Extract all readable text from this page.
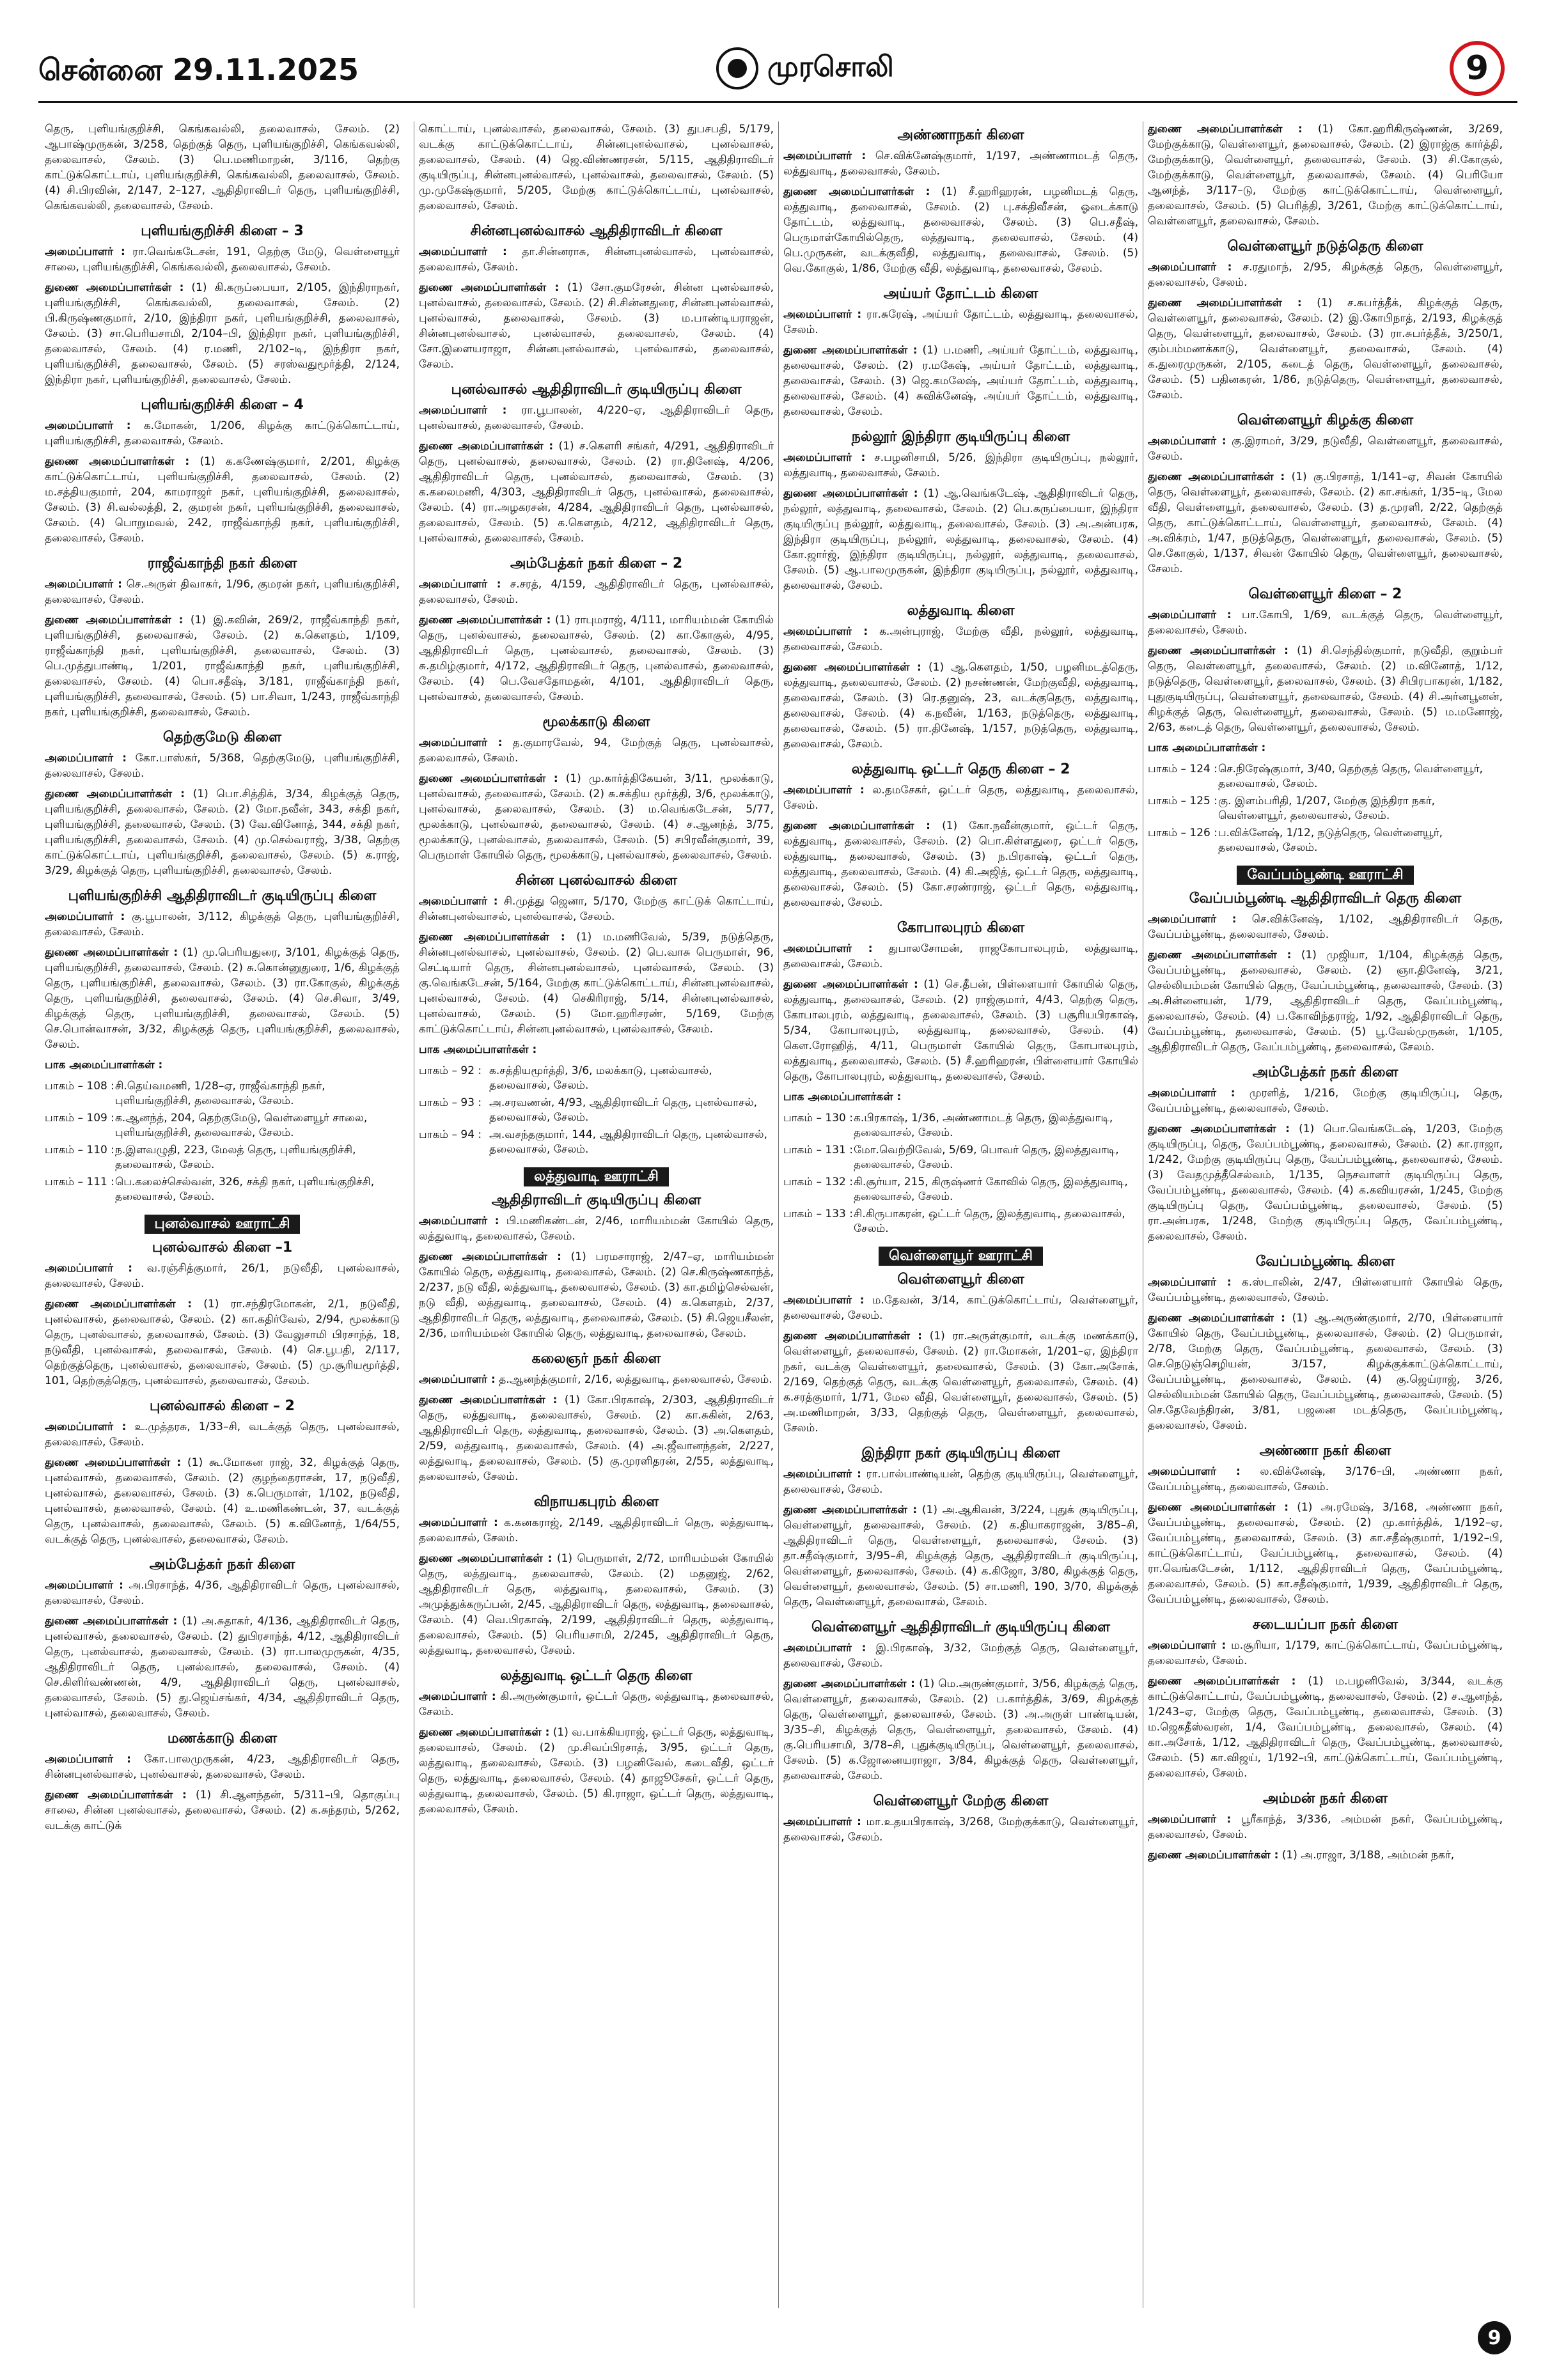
சென்னை 29.11.2025	முரசொலி	9

தெரு, புளியங்குறிச்சி, கெங்கவல்லி, தலைவாசல், சேலம். (2) ஆபாஷ்முருகன், 3/258, தெற்குத் தெரு, புளியங்குறிச்சி, கெங்கவல்லி, தலைவாசல், சேலம். (3) பெ.மணிமாறன், 3/116, தெற்கு காட்டுக்கொட்டாய், புளியங்குறிச்சி, கெங்கவல்லி, தலைவாசல், சேலம். (4) சி.பிரவின், 2/147, 2–127, ஆதிதிராவிடர் தெரு, புளியங்குறிச்சி, கெங்கவல்லி, தலைவாசல், சேலம்.

புளியங்குறிச்சி கிளை – 3

அமைப்பாளர் : ரா.வெங்கடேசன், 191, தெற்கு மேடு, வெள்ளையூர் சாலை, புளியங்குறிச்சி, கெங்கவல்லி, தலைவாசல், சேலம்.

துணை அமைப்பாளர்கள் : (1) கி.கருப்பையா, 2/105, இந்திராநகர், புளியங்குறிச்சி, கெங்கவல்லி, தலைவாசல், சேலம். (2) பி.கிருஷ்ணகுமார், 2/10, இந்திரா நகர், புளியங்குறிச்சி, தலைவாசல், சேலம். (3) சா.பெரியசாமி, 2/104–பி, இந்திரா நகர், புளியங்குறிச்சி, தலைவாசல், சேலம். (4) ர.மணி, 2/102–டி, இந்திரா நகர், புளியங்குறிச்சி, தலைவாசல், சேலம். (5) சரஸ்வதுமூர்த்தி, 2/124, இந்திரா நகர், புளியங்குறிச்சி, தலைவாசல், சேலம்.

புளியங்குறிச்சி கிளை – 4

அமைப்பாளர் : க.மோகன், 1/206, கிழக்கு காட்டுக்கொட்டாய், புளியங்குறிச்சி, தலைவாசல், சேலம்.

துணை அமைப்பாளர்கள் : (1) க.கணேஷ்குமார், 2/201, கிழக்கு காட்டுக்கொட்டாய், புளியங்குறிச்சி, தலைவாசல், சேலம். (2) ம.சத்தியகுமார், 204, காமராஜர் நகர், புளியங்குறிச்சி, தலைவாசல், சேலம். (3) சி.வல்லத்தி, 2, குமரன் நகர், புளியங்குறிச்சி, தலைவாசல், சேலம். (4) பொறுமவல், 242, ராஜீவ்காந்தி நகர், புளியங்குறிச்சி, தலைவாசல், சேலம்.

ராஜீவ்காந்தி நகர் கிளை

அமைப்பாளர் : செ.அருள் திவாகர், 1/96, குமரன் நகர், புளியங்குறிச்சி, தலைவாசல், சேலம்.

துணை அமைப்பாளர்கள் : (1) இ.கவின், 269/2, ராஜீவ்காந்தி நகர், புளியங்குறிச்சி, தலைவாசல், சேலம். (2) க.கௌதம், 1/109, ராஜீவ்காந்தி நகர், புளியங்குறிச்சி, தலைவாசல், சேலம். (3) பெ.முத்துபாண்டி, 1/201, ராஜீவ்காந்தி நகர், புளியங்குறிச்சி, தலைவாசல், சேலம். (4) பொ.சதீஷ், 3/181, ராஜீவ்காந்தி நகர், புளியங்குறிச்சி, தலைவாசல், சேலம். (5) பா.சிவா, 1/243, ராஜீவ்காந்தி நகர், புளியங்குறிச்சி, தலைவாசல், சேலம்.

தெற்குமேடு கிளை

அமைப்பாளர் : கோ.பாஸ்கர், 5/368, தெற்குமேடு, புளியங்குறிச்சி, தலைவாசல், சேலம்.

துணை அமைப்பாளர்கள் : (1) பொ.சித்திக், 3/34, கிழக்குத் தெரு, புளியங்குறிச்சி, தலைவாசல், சேலம். (2) மோ.நவீன், 343, சக்தி நகர், புளியங்குறிச்சி, தலைவாசல், சேலம். (3) வே.வினோத், 344, சக்தி நகர், புளியங்குறிச்சி, தலைவாசல், சேலம். (4) மு.செல்வராஜ், 3/38, தெற்கு காட்டுக்கொட்டாய், புளியங்குறிச்சி, தலைவாசல், சேலம். (5) க.ராஜ், 3/29, கிழக்குத் தெரு, புளியங்குறிச்சி, தலைவாசல், சேலம்.

புளியங்குறிச்சி ஆதிதிராவிடர் குடியிருப்பு கிளை

அமைப்பாளர் : கு.பூபாலன், 3/112, கிழக்குத் தெரு, புளியங்குறிச்சி, தலைவாசல், சேலம்.

துணை அமைப்பாளர்கள் : (1) மு.பெரியதுரை, 3/101, கிழக்குத் தெரு, புளியங்குறிச்சி, தலைவாசல், சேலம். (2) சு.கொன்னுதுரை, 1/6, கிழக்குத் தெரு, புளியங்குறிச்சி, தலைவாசல், சேலம். (3) ரா.கோகுல், கிழக்குத் தெரு, புளியங்குறிச்சி, தலைவாசல், சேலம். (4) செ.சிவா, 3/49, கிழக்குத் தெரு, புளியங்குறிச்சி, தலைவாசல், சேலம். (5) செ.பொன்வாசன், 3/32, கிழக்குத் தெரு, புளியங்குறிச்சி, தலைவாசல், சேலம்.

பாக அமைப்பாளர்கள் :

பாகம் – 108 :	சி.தெய்வமணி, 1/28–ஏ, ராஜீவ்காந்தி நகர், புளியங்குறிச்சி, தலைவாசல், சேலம்.
பாகம் – 109 :	க.ஆனந்த், 204, தெற்குமேடு, வெள்ளையூர் சாலை, புளியங்குறிச்சி, தலைவாசல், சேலம்.
பாகம் – 110 :	ந.இளவழுதி, 223, மேலத் தெரு, புளியங்குறிச்சி, தலைவாசல், சேலம்.
பாகம் – 111 :	பெ.கலைச்செல்வன், 326, சக்தி நகர், புளியங்குறிச்சி, தலைவாசல், சேலம்.
புனல்வாசல் ஊராட்சி
புனல்வாசல் கிளை –1

அமைப்பாளர் : வ.ரஞ்சித்குமார், 26/1, நடுவீதி, புனல்வாசல், தலைவாசல், சேலம்.

துணை அமைப்பாளர்கள் : (1) ரா.சந்திரமோகன், 2/1, நடுவீதி, புனல்வாசல், தலைவாசல், சேலம். (2) கா.கதிர்வேல், 2/94, மூலக்காடு தெரு, புனல்வாசல், தலைவாசல், சேலம். (3) வேலுசாமி பிரசாந்த், 18, நடுவீதி, புனல்வாசல், தலைவாசல், சேலம். (4) செ.பூபதி, 2/117, தெற்குத்தெரு, புனல்வாசல், தலைவாசல், சேலம். (5) மு.சூரியமூர்த்தி, 101, தெற்குத்தெரு, புனல்வாசல், தலைவாசல், சேலம்.

புனல்வாசல் கிளை – 2

அமைப்பாளர் : உ.முத்தரசு, 1/33–சி, வடக்குத் தெரு, புனல்வாசல், தலைவாசல், சேலம்.

துணை அமைப்பாளர்கள் : (1) கூ.மோகன ராஜ், 32, கிழக்குத் தெரு, புனல்வாசல், தலைவாசல், சேலம். (2) குழந்தைராசன், 17, நடுவீதி, புனல்வாசல், தலைவாசல், சேலம். (3) க.பெருமாள், 1/102, நடுவீதி, புனல்வாசல், தலைவாசல், சேலம். (4) உ.மணிகண்டன், 37, வடக்குத் தெரு, புனல்வாசல், தலைவாசல், சேலம். (5) க.வினோத், 1/64/55, வடக்குத் தெரு, புனல்வாசல், தலைவாசல், சேலம்.

அம்பேத்கர் நகர் கிளை

அமைப்பாளர் : அ.பிரசாந்த், 4/36, ஆதிதிராவிடர் தெரு, புனல்வாசல், தலைவாசல், சேலம்.

துணை அமைப்பாளர்கள் : (1) அ.சுதாகர், 4/136, ஆதிதிராவிடர் தெரு, புனல்வாசல், தலைவாசல், சேலம். (2) துபிரசாந்த், 4/12, ஆதிதிராவிடர் தெரு, புனல்வாசல், தலைவாசல், சேலம். (3) ரா.பாலமுருகன், 4/35, ஆதிதிராவிடர் தெரு, புனல்வாசல், தலைவாசல், சேலம். (4) செ.கிளிர்வண்ணன், 4/9, ஆதிதிராவிடர் தெரு, புனல்வாசல், தலைவாசல், சேலம். (5) து.ஜெய்சங்கர், 4/34, ஆதிதிராவிடர் தெரு, புனல்வாசல், தலைவாசல், சேலம்.

மணக்காடு கிளை

அமைப்பாளர் : கோ.பாலமுருகன், 4/23, ஆதிதிராவிடர் தெரு, சின்னபுனல்வாசல், புனல்வாசல், தலைவாசல், சேலம்.

துணை அமைப்பாளர்கள் : (1) சி.ஆனந்தன், 5/311–பி, தொகுப்பு சாலை, சின்ன புனல்வாசல், தலைவாசல், சேலம். (2) க.சுந்தரம், 5/262, வடக்கு காட்டுக்

கொட்டாய், புனல்வாசல், தலைவாசல், சேலம். (3) துபசபதி, 5/179, வடக்கு காட்டுக்கொட்டாய், சின்னபுனல்வாசல், புனல்வாசல், தலைவாசல், சேலம். (4) ஜெ.விண்ணரசன், 5/115, ஆதிதிராவிடர் குடியிருப்பு, சின்னபுனல்வாசல், புனல்வாசல், தலைவாசல், சேலம். (5) மு.முகேஷ்குமார், 5/205, மேற்கு காட்டுக்கொட்டாய், புனல்வாசல், தலைவாசல், சேலம்.

சின்னபுனல்வாசல் ஆதிதிராவிடர் கிளை

அமைப்பாளர் : தா.சின்னராசு, சின்னபுனல்வாசல், புனல்வாசல், தலைவாசல், சேலம்.

துணை அமைப்பாளர்கள் : (1) சோ.குமரேசன், சின்ன புனல்வாசல், புனல்வாசல், தலைவாசல், சேலம். (2) சி.சின்னதுரை, சின்னபுனல்வாசல், புனல்வாசல், தலைவாசல், சேலம். (3) ம.பாண்டியராஜன், சின்னபுனல்வாசல், புனல்வாசல், தலைவாசல், சேலம். (4) சோ.இளையராஜா, சின்னபுனல்வாசல், புனல்வாசல், தலைவாசல், சேலம்.

புனல்வாசல் ஆதிதிராவிடர் குடியிருப்பு கிளை

அமைப்பாளர் : ரா.பூபாலன், 4/220–ஏ, ஆதிதிராவிடர் தெரு, புனல்வாசல், தலைவாசல், சேலம்.

துணை அமைப்பாளர்கள் : (1) ச.கௌரி சங்கர், 4/291, ஆதிதிராவிடர் தெரு, புனல்வாசல், தலைவாசல், சேலம். (2) ரா.தினேஷ், 4/206, ஆதிதிராவிடர் தெரு, புனல்வாசல், தலைவாசல், சேலம். (3) க.கலைமணி, 4/303, ஆதிதிராவிடர் தெரு, புனல்வாசல், தலைவாசல், சேலம். (4) ரா.அழகரசன், 4/284, ஆதிதிராவிடர் தெரு, புனல்வாசல், தலைவாசல், சேலம். (5) க.கௌதம், 4/212, ஆதிதிராவிடர் தெரு, புனல்வாசல், தலைவாசல், சேலம்.

அம்பேத்கர் நகர் கிளை – 2

அமைப்பாளர் : ச.சரத், 4/159, ஆதிதிராவிடர் தெரு, புனல்வாசல், தலைவாசல், சேலம்.

துணை அமைப்பாளர்கள் : (1) ராபுமராஜ், 4/111, மாரியம்மன் கோயில் தெரு, புனல்வாசல், தலைவாசல், சேலம். (2) கா.கோகுல், 4/95, ஆதிதிராவிடர் தெரு, புனல்வாசல், தலைவாசல், சேலம். (3) சு.தமிழ்குமார், 4/172, ஆதிதிராவிடர் தெரு, புனல்வாசல், தலைவாசல், சேலம். (4) பெ.வேசதோமதன், 4/101, ஆதிதிராவிடர் தெரு, புனல்வாசல், தலைவாசல், சேலம்.

மூலக்காடு கிளை

அமைப்பாளர் : த.குமாரவேல், 94, மேற்குத் தெரு, புனல்வாசல், தலைவாசல், சேலம்.

துணை அமைப்பாளர்கள் : (1) மு.கார்த்திகேயன், 3/11, மூலக்காடு, புனல்வாசல், தலைவாசல், சேலம். (2) சு.சக்திய மூர்த்தி, 3/6, மூலக்காடு, புனல்வாசல், தலைவாசல், சேலம். (3) ம.வெங்கடேசன், 5/77, மூலக்காடு, புனல்வாசல், தலைவாசல், சேலம். (4) ச.ஆனந்த், 3/75, மூலக்காடு, புனல்வாசல், தலைவாசல், சேலம். (5) சபிரவீன்குமார், 39, பெருமாள் கோயில் தெரு, மூலக்காடு, புனல்வாசல், தலைவாசல், சேலம்.

சின்ன புனல்வாசல் கிளை

அமைப்பாளர் : சி.முத்து ஜெனா, 5/170, மேற்கு காட்டுக் கொட்டாய், சின்னபுனல்வாசல், புனல்வாசல், சேலம்.

துணை அமைப்பாளர்கள் : (1) ம.மணிவேல், 5/39, நடுத்தெரு, சின்னபுனல்வாசல், புனல்வாசல், சேலம். (2) பெ.வாசு பெருமாள், 96, செட்டியார் தெரு, சின்னபுனல்வாசல், புனல்வாசல், சேலம். (3) கு.வெங்கடேசன், 5/164, மேற்கு காட்டுக்கொட்டாய், சின்னபுனல்வாசல், புனல்வாசல், சேலம். (4) செகிரிராஜ், 5/14, சின்னபுனல்வாசல், புனல்வாசல், சேலம். (5) மோ.ஹரிசரண், 5/169, மேற்கு காட்டுக்கொட்டாய், சின்னபுனல்வாசல், புனல்வாசல், சேலம்.

பாக அமைப்பாளர்கள் :

பாகம் – 92 :	க.சத்தியமூர்த்தி, 3/6, மலக்காடு, புனல்வாசல், தலைவாசல், சேலம்.
பாகம் – 93 :	அ.சரவணன், 4/93, ஆதிதிராவிடர் தெரு, புனல்வாசல், தலைவாசல், சேலம்.
பாகம் – 94 :	அ.வசந்தகுமார், 144, ஆதிதிராவிடர் தெரு, புனல்வாசல், தலைவாசல், சேலம்.
லத்துவாடி ஊராட்சி
ஆதிதிராவிடர் குடியிருப்பு கிளை

அமைப்பாளர் : பி.மணிகண்டன், 2/46, மாரியம்மன் கோயில் தெரு, லத்துவாடி, தலைவாசல், சேலம்.

துணை அமைப்பாளர்கள் : (1) பரமசாராஜ், 2/47–ஏ, மாரியம்மன் கோயில் தெரு, லத்துவாடி, தலைவாசல், சேலம். (2) செ.கிருஷ்ணகாந்த், 2/237, நடு வீதி, லத்துவாடி, தலைவாசல், சேலம். (3) கா.தமிழ்செல்வன், நடு வீதி, லத்துவாடி, தலைவாசல், சேலம். (4) க.கௌதம், 2/37, ஆதிதிராவிடர் தெரு, லத்துவாடி, தலைவாசல், சேலம். (5) சி.ஜெயசீலன், 2/36, மாரியம்மன் கோயில் தெரு, லத்துவாடி, தலைவாசல், சேலம்.

கலைஞர் நகர் கிளை

அமைப்பாளர் : த.ஆனந்த்குமார், 2/16, லத்துவாடி, தலைவாசல், சேலம்.

துணை அமைப்பாளர்கள் : (1) கோ.பிரகாஷ், 2/303, ஆதிதிராவிடர் தெரு, லத்துவாடி, தலைவாசல், சேலம். (2) கா.சுகின், 2/63, ஆதிதிராவிடர் தெரு, லத்துவாடி, தலைவாசல், சேலம். (3) அ.கௌதம், 2/59, லத்துவாடி, தலைவாசல், சேலம். (4) அ.ஜீவானந்தன், 2/227, லத்துவாடி, தலைவாசல், சேலம். (5) கு.முரளிதரன், 2/55, லத்துவாடி, தலைவாசல், சேலம்.

விநாயகபுரம் கிளை

அமைப்பாளர் : க.கனகராஜ், 2/149, ஆதிதிராவிடர் தெரு, லத்துவாடி, தலைவாசல், சேலம்.

துணை அமைப்பாளர்கள் : (1) பெருமாள், 2/72, மாரியம்மன் கோயில் தெரு, லத்துவாடி, தலைவாசல், சேலம். (2) மதனுஜ், 2/62, ஆதிதிராவிடர் தெரு, லத்துவாடி, தலைவாசல், சேலம். (3) அமுத்துக்கருப்பன், 2/45, ஆதிதிராவிடர் தெரு, லத்துவாடி, தலைவாசல், சேலம். (4) வெ.பிரகாஷ், 2/199, ஆதிதிராவிடர் தெரு, லத்துவாடி, தலைவாசல், சேலம். (5) பெரியசாமி, 2/245, ஆதிதிராவிடர் தெரு, லத்துவாடி, தலைவாசல், சேலம்.

லத்துவாடி ஒட்டர் தெரு கிளை

அமைப்பாளர் : கி.அருண்குமார், ஒட்டர் தெரு, லத்துவாடி, தலைவாசல், சேலம்.

துணை அமைப்பாளர்கள் : (1) வ.பாக்கியராஜ், ஒட்டர் தெரு, லத்துவாடி, தலைவாசல், சேலம். (2) மு.சிவப்பிரசாத், 3/95, ஒட்டர் தெரு, லத்துவாடி, தலைவாசல், சேலம். (3) பழனிவேல், கடைவீதி, ஒட்டர் தெரு, லத்துவாடி, தலைவாசல், சேலம். (4) தாஜூசேகர், ஒட்டர் தெரு, லத்துவாடி, தலைவாசல், சேலம். (5) கி.ராஜா, ஒட்டர் தெரு, லத்துவாடி, தலைவாசல், சேலம்.

அண்ணாநகர் கிளை

அமைப்பாளர் : செ.விக்னேஷ்குமார், 1/197, அண்ணாமடத் தெரு, லத்துவாடி, தலைவாசல், சேலம்.

துணை அமைப்பாளர்கள் : (1) சீ.ஹரிஹரன், பழனிமடத் தெரு, லத்துவாடி, தலைவாசல், சேலம். (2) பு.சக்திவீசன், ஓடைக்காடு தோட்டம், லத்துவாடி, தலைவாசல், சேலம். (3) பெ.சதீஷ், பெருமாள்கோயில்தெரு, லத்துவாடி, தலைவாசல், சேலம். (4) பெ.முருகன், வடக்குவீதி, லத்துவாடி, தலைவாசல், சேலம். (5) வெ.கோகுல், 1/86, மேற்கு வீதி, லத்துவாடி, தலைவாசல், சேலம்.

அய்யர் தோட்டம் கிளை

அமைப்பாளர் : ரா.சுரேஷ், அய்யர் தோட்டம், லத்துவாடி, தலைவாசல், சேலம்.

துணை அமைப்பாளர்கள் : (1) ப.மணி, அய்யர் தோட்டம், லத்துவாடி, தலைவாசல், சேலம். (2) ர.மகேஷ், அய்யர் தோட்டம், லத்துவாடி, தலைவாசல், சேலம். (3) ஜெ.கமலேஷ், அய்யர் தோட்டம், லத்துவாடி, தலைவாசல், சேலம். (4) சுவிக்னேஷ், அய்யர் தோட்டம், லத்துவாடி, தலைவாசல், சேலம்.

நல்லூர் இந்திரா குடியிருப்பு கிளை

அமைப்பாளர் : ச.பழனிசாமி, 5/26, இந்திரா குடியிருப்பு, நல்லூர், லத்துவாடி, தலைவாசல், சேலம்.

துணை அமைப்பாளர்கள் : (1) ஆ.வெங்கடேஷ், ஆதிதிராவிடர் தெரு, நல்லூர், லத்துவாடி, தலைவாசல், சேலம். (2) பெ.கருப்பையா, இந்திரா குடியிருப்பு நல்லூர், லத்துவாடி, தலைவாசல், சேலம். (3) அ.அன்பரசு, இந்திரா குடியிருப்பு, நல்லூர், லத்துவாடி, தலைவாசல், சேலம். (4) கோ.ஜார்ஜ், இந்திரா குடியிருப்பு, நல்லூர், லத்துவாடி, தலைவாசல், சேலம். (5) ஆ.பாலமுருகன், இந்திரா குடியிருப்பு, நல்லூர், லத்துவாடி, தலைவாசல், சேலம்.

லத்துவாடி கிளை

அமைப்பாளர் : க.அன்புராஜ், மேற்கு வீதி, நல்லூர், லத்துவாடி, தலைவாசல், சேலம்.

துணை அமைப்பாளர்கள் : (1) ஆ.கௌதம், 1/50, பழனிமடத்தெரு, லத்துவாடி, தலைவாசல், சேலம். (2) நசண்ணன், மேற்குவீதி, லத்துவாடி, தலைவாசல், சேலம். (3) ரெ.தனுஷ், 23, வடக்குதெரு, லத்துவாடி, தலைவாசல், சேலம். (4) க.நவீன், 1/163, நடுத்தெரு, லத்துவாடி, தலைவாசல், சேலம். (5) ரா.தினேஷ், 1/157, நடுத்தெரு, லத்துவாடி, தலைவாசல், சேலம்.

லத்துவாடி ஒட்டர் தெரு கிளை – 2

அமைப்பாளர் : ல.தமசேகர், ஒட்டர் தெரு, லத்துவாடி, தலைவாசல், சேலம்.

துணை அமைப்பாளர்கள் : (1) கோ.நவீன்குமார், ஒட்டர் தெரு, லத்துவாடி, தலைவாசல், சேலம். (2) பொ.கிள்ளதுரை, ஒட்டர் தெரு, லத்துவாடி, தலைவாசல், சேலம். (3) ந.பிரகாஷ், ஒட்டர் தெரு, லத்துவாடி, தலைவாசல், சேலம். (4) கி.அஜித், ஒட்டர் தெரு, லத்துவாடி, தலைவாசல், சேலம். (5) கோ.சரண்ராஜ், ஒட்டர் தெரு, லத்துவாடி, தலைவாசல், சேலம்.

கோபாலபுரம் கிளை

அமைப்பாளர் : துபாலசோமன், ராஜகோபாலபுரம், லத்துவாடி, தலைவாசல், சேலம்.

துணை அமைப்பாளர்கள் : (1) செ.தீபன், பிள்ளையார் கோயில் தெரு, லத்துவாடி, தலைவாசல், சேலம். (2) ராஜ்குமார், 4/43, தெற்கு தெரு, கோபாலபுரம், லத்துவாடி, தலைவாசல், சேலம். (3) பசூரியபிரகாஷ், 5/34, கோபாலபுரம், லத்துவாடி, தலைவாசல், சேலம். (4) கௌ.ரோஹித், 4/11, பெருமாள் கோயில் தெரு, கோபாலபுரம், லத்துவாடி, தலைவாசல், சேலம். (5) சீ.ஹரிஹரன், பிள்ளையார் கோயில் தெரு, கோபாலபுரம், லத்துவாடி, தலைவாசல், சேலம்.

பாக அமைப்பாளர்கள் :

பாகம் – 130 :	க.பிரகாஷ், 1/36, அண்ணாமடத் தெரு, இலத்துவாடி, தலைவாசல், சேலம்.
பாகம் – 131 :	மோ.வெற்றிவேல், 5/69, பொவர் தெரு, இலத்துவாடி, தலைவாசல், சேலம்.
பாகம் – 132 :	கி.சூர்யா, 215, கிருஷ்ணர் கோவில் தெரு, இலத்துவாடி, தலைவாசல், சேலம்.
பாகம் – 133 :	சி.கிருபாகரன், ஒட்டர் தெரு, இலத்துவாடி, தலைவாசல், சேலம்.
வெள்ளையூர் ஊராட்சி
வெள்ளையூர் கிளை

அமைப்பாளர் : ம.தேவன், 3/14, காட்டுக்கொட்டாய், வெள்ளையூர், தலைவாசல், சேலம்.

துணை அமைப்பாளர்கள் : (1) ரா.அருள்குமார், வடக்கு மணக்காடு, வெள்ளையூர், தலைவாசல், சேலம். (2) ரா.மோகன், 1/201–ஏ, இந்திரா நகர், வடக்கு வெள்ளையூர், தலைவாசல், சேலம். (3) கோ.அசோக், 2/169, தெற்குத் தெரு, வடக்கு வெள்ளையூர், தலைவாசல், சேலம். (4) க.சரத்குமார், 1/71, மேல வீதி, வெள்ளையூர், தலைவாசல், சேலம். (5) அ.மணிமாறன், 3/33, தெற்குத் தெரு, வெள்ளையூர், தலைவாசல், சேலம்.

இந்திரா நகர் குடியிருப்பு கிளை

அமைப்பாளர் : ரா.பால்பாண்டியன், தெற்கு குடியிருப்பு, வெள்ளையூர், தலைவாசல், சேலம்.

துணை அமைப்பாளர்கள் : (1) அ.ஆகிவன், 3/224, புதுக் குடியிருப்பு, வெள்ளையூர், தலைவாசல், சேலம். (2) க.தியாகராஜன், 3/85–சி, ஆதிதிராவிடர் தெரு, வெள்ளையூர், தலைவாசல், சேலம். (3) தா.சதீஷ்குமார், 3/95–சி, கிழக்குத் தெரு, ஆதிதிராவிடர் குடியிருப்பு, வெள்ளையூர், தலைவாசல், சேலம். (4) க.கிஜோ, 3/80, கிழக்குத் தெரு, வெள்ளையூர், தலைவாசல், சேலம். (5) சா.மணி, 190, 3/70, கிழக்குத் தெரு, வெள்ளையூர், தலைவாசல், சேலம்.

வெள்ளையூர் ஆதிதிராவிடர் குடியிருப்பு கிளை

அமைப்பாளர் : இ.பிரகாஷ், 3/32, மேற்குத் தெரு, வெள்ளையூர், தலைவாசல், சேலம்.

துணை அமைப்பாளர்கள் : (1) மெ.அருண்குமார், 3/56, கிழக்குத் தெரு, வெள்ளையூர், தலைவாசல், சேலம். (2) ப.கார்த்திக், 3/69, கிழக்குத் தெரு, வெள்ளையூர், தலைவாசல், சேலம். (3) அ.அருள் பாண்டியன், 3/35–சி, கிழக்குத் தெரு, வெள்ளையூர், தலைவாசல், சேலம். (4) கு.பெரியசாமி, 3/78–சி, புதுக்குடியிருப்பு, வெள்ளையூர், தலைவாசல், சேலம். (5) க.ஜோனையராஜா, 3/84, கிழக்குத் தெரு, வெள்ளையூர், தலைவாசல், சேலம்.

வெள்ளையூர் மேற்கு கிளை

அமைப்பாளர் : மா.உதயபிரகாஷ், 3/268, மேற்குக்காடு, வெள்ளையூர், தலைவாசல், சேலம்.

துணை அமைப்பாளர்கள் : (1) கோ.ஹரிகிருஷ்ணன், 3/269, மேற்குக்காடு, வெள்ளையூர், தலைவாசல், சேலம். (2) இராஜ்கு கார்த்தி, மேற்குக்காடு, வெள்ளையூர், தலைவாசல், சேலம். (3) சி.கோகுல், மேற்குக்காடு, வெள்ளையூர், தலைவாசல், சேலம். (4) பெரியோ ஆனந்த், 3/117–டு, மேற்கு காட்டுக்கொட்டாய், வெள்ளையூர், தலைவாசல், சேலம். (5) பெரித்தி, 3/261, மேற்கு காட்டுக்கொட்டாய், வெள்ளையூர், தலைவாசல், சேலம்.

வெள்ளையூர் நடுத்தெரு கிளை

அமைப்பாளர் : ச.ரதுமாந், 2/95, கிழக்குத் தெரு, வெள்ளையூர், தலைவாசல், சேலம்.

துணை அமைப்பாளர்கள் : (1) ச.சுபர்த்தீக், கிழக்குத் தெரு, வெள்ளையூர், தலைவாசல், சேலம். (2) இ.கோபிநாத், 2/193, கிழக்குத் தெரு, வெள்ளையூர், தலைவாசல், சேலம். (3) ரா.சுபர்த்தீக், 3/250/1, கும்பம்மணக்காடு, வெள்ளையூர், தலைவாசல், சேலம். (4) க.துரைமுருகன், 2/105, கடைத் தெரு, வெள்ளையூர், தலைவாசல், சேலம். (5) பதினகரன், 1/86, நடுத்தெரு, வெள்ளையூர், தலைவாசல், சேலம்.

வெள்ளையூர் கிழக்கு கிளை

அமைப்பாளர் : கு.இராமர், 3/29, நடுவீதி, வெள்ளையூர், தலைவாசல், சேலம்.

துணை அமைப்பாளர்கள் : (1) கு.பிரசாத், 1/141–ஏ, சிவன் கோயில் தெரு, வெள்ளையூர், தலைவாசல், சேலம். (2) கா.சங்கர், 1/35–டி, மேல வீதி, வெள்ளையூர், தலைவாசல், சேலம். (3) த.முரளி, 2/22, தெற்குத் தெரு, காட்டுக்கொட்டாய், வெள்ளையூர், தலைவாசல், சேலம். (4) அ.விக்ரம், 1/47, நடுத்தெரு, வெள்ளையூர், தலைவாசல், சேலம். (5) செ.கோகுல், 1/137, சிவன் கோயில் தெரு, வெள்ளையூர், தலைவாசல், சேலம்.

வெள்ளையூர் கிளை – 2

அமைப்பாளர் : பா.கோபி, 1/69, வடக்குத் தெரு, வெள்ளையூர், தலைவாசல், சேலம்.

துணை அமைப்பாளர்கள் : (1) சி.செந்தில்குமார், நடுவீதி, குறும்பர் தெரு, வெள்ளையூர், தலைவாசல், சேலம். (2) ம.வினோத், 1/12, நடுத்தெரு, வெள்ளையூர், தலைவாசல், சேலம். (3) சிபிரபாகரன், 1/182, புதுகுடியிருப்பு, வெள்ளையூர், தலைவாசல், சேலம். (4) சி.அர்னபூனன், கிழக்குத் தெரு, வெள்ளையூர், தலைவாசல், சேலம். (5) ம.மனோஜ், 2/63, கடைத் தெரு, வெள்ளையூர், தலைவாசல், சேலம்.

பாக அமைப்பாளர்கள் :

பாகம் – 124 :	செ.நிரேஷ்குமார், 3/40, தெற்குத் தெரு, வெள்ளையூர், தலைவாசல், சேலம்.
பாகம் – 125 :	கு. இளம்பரிதி, 1/207, மேற்கு இந்திரா நகர், வெள்ளையூர், தலைவாசல், சேலம்.
பாகம் – 126 :	ப.விக்னேஷ், 1/12, நடுத்தெரு, வெள்ளையூர், தலைவாசல், சேலம்.
வேப்பம்பூண்டி ஊராட்சி
வேப்பம்பூண்டி ஆதிதிராவிடர் தெரு கிளை

அமைப்பாளர் : செ.விக்னேஷ், 1/102, ஆதிதிராவிடர் தெரு, வேப்பம்பூண்டி, தலைவாசல், சேலம்.

துணை அமைப்பாளர்கள் : (1) முஜியா, 1/104, கிழக்குத் தெரு, வேப்பம்பூண்டி, தலைவாசல், சேலம். (2) ஞா.தினேஷ், 3/21, செல்லியம்மன் கோயில் தெரு, வேப்பம்பூண்டி, தலைவாசல், சேலம். (3) அ.சின்னையன், 1/79, ஆதிதிராவிடர் தெரு, வேப்பம்பூண்டி, தலைவாசல், சேலம். (4) ப.கோவிந்தராஜ், 1/92, ஆதிதிராவிடர் தெரு, வேப்பம்பூண்டி, தலைவாசல், சேலம். (5) பூ.வேல்முருகன், 1/105, ஆதிதிராவிடர் தெரு, வேப்பம்பூண்டி, தலைவாசல், சேலம்.

அம்பேத்கர் நகர் கிளை

அமைப்பாளர் : முரளித், 1/216, மேற்கு குடியிருப்பு, தெரு, வேப்பம்பூண்டி, தலைவாசல், சேலம்.

துணை அமைப்பாளர்கள் : (1) பொ.வெங்கடேஷ், 1/203, மேற்கு குடியிருப்பு, தெரு, வேப்பம்பூண்டி, தலைவாசல், சேலம். (2) கா.ராஜா, 1/242, மேற்கு குடியிருப்பு தெரு, வேப்பம்பூண்டி, தலைவாசல், சேலம். (3) வேதமுத்தீசெல்வம், 1/135, நெசவாளர் குடியிருப்பு தெரு, வேப்பம்பூண்டி, தலைவாசல், சேலம். (4) க.கவியரசன், 1/245, மேற்கு குடியிருப்பு தெரு, வேப்பம்பூண்டி, தலைவாசல், சேலம். (5) ரா.அன்பரசு, 1/248, மேற்கு குடியிருப்பு தெரு, வேப்பம்பூண்டி, தலைவாசல், சேலம்.

வேப்பம்பூண்டி கிளை

அமைப்பாளர் : க.ஸ்டாலின், 2/47, பிள்ளையார் கோயில் தெரு, வேப்பம்பூண்டி, தலைவாசல், சேலம்.

துணை அமைப்பாளர்கள் : (1) ஆ.அருண்குமார், 2/70, பிள்ளையார் கோயில் தெரு, வேப்பம்பூண்டி, தலைவாசல், சேலம். (2) பெருமாள், 2/78, மேற்கு தெரு, வேப்பம்பூண்டி, தலைவாசல், சேலம். (3) செ.நெடுஞ்செழியன், 3/157, கிழக்குக்காட்டுக்கொட்டாய், வேப்பம்பூண்டி, தலைவாசல், சேலம். (4) கு.ஜெய்ராஜ், 3/26, செல்லியம்மன் கோயில் தெரு, வேப்பம்பூண்டி, தலைவாசல், சேலம். (5) செ.தேவேந்திரன், 3/81, பஜனை மடத்தெரு, வேப்பம்பூண்டி, தலைவாசல், சேலம்.

அண்ணா நகர் கிளை

அமைப்பாளர் : ல.விக்னேஷ், 3/176–பி, அண்ணா நகர், வேப்பம்பூண்டி, தலைவாசல், சேலம்.

துணை அமைப்பாளர்கள் : (1) அ.ரமேஷ், 3/168, அண்ணா நகர், வேப்பம்பூண்டி, தலைவாசல், சேலம். (2) மு.கார்த்திக், 1/192–ஏ, வேப்பம்பூண்டி, தலைவாசல், சேலம். (3) கா.சதீஷ்குமார், 1/192–பி, காட்டுக்கொட்டாய், வேப்பம்பூண்டி, தலைவாசல், சேலம். (4) ரா.வெங்கடேசன், 1/112, ஆதிதிராவிடர் தெரு, வேப்பம்பூண்டி, தலைவாசல், சேலம். (5) கா.சதீஷ்குமார், 1/939, ஆதிதிராவிடர் தெரு, வேப்பம்பூண்டி, தலைவாசல், சேலம்.

சடையப்பா நகர் கிளை

அமைப்பாளர் : ம.சூரியா, 1/179, காட்டுக்கொட்டாய், வேப்பம்பூண்டி, தலைவாசல், சேலம்.

துணை அமைப்பாளர்கள் : (1) ம.பழனிவேல், 3/344, வடக்கு காட்டுக்கொட்டாய், வேப்பம்பூண்டி, தலைவாசல், சேலம். (2) ச.ஆனந்த், 1/243–ஏ, மேற்கு தெரு, வேப்பம்பூண்டி, தலைவாசல், சேலம். (3) ம.ஜெகதீஸ்வரன், 1/4, வேப்பம்பூண்டி, தலைவாசல், சேலம். (4) கா.அசோக், 1/12, ஆதிதிராவிடர் தெரு, வேப்பம்பூண்டி, தலைவாசல், சேலம். (5) கா.விஜய், 1/192–பி, காட்டுக்கொட்டாய், வேப்பம்பூண்டி, தலைவாசல், சேலம்.

அம்மன் நகர் கிளை

அமைப்பாளர் : பூரீகாந்த், 3/336, அம்மன் நகர், வேப்பம்பூண்டி, தலைவாசல், சேலம்.

துணை அமைப்பாளர்கள் : (1) அ.ராஜா, 3/188, அம்மன் நகர்,

9
